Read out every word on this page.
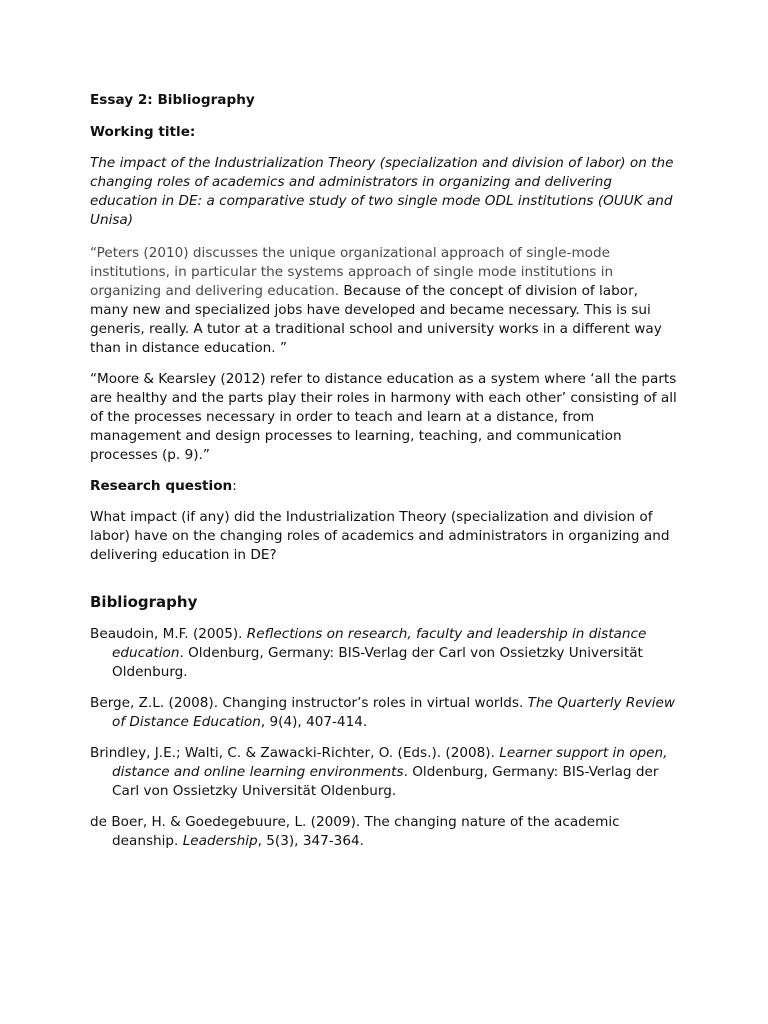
Essay 2: Bibliography
Working title:

The impact of the Industrialization Theory (specialization and division of labor) on the changing roles of academics and administrators in organizing and delivering education in DE: a comparative study of two single mode ODL institutions (OUUK and Unisa)

“Peters (2010) discusses the unique organizational approach of single-mode institutions, in particular the systems approach of single mode institutions in organizing and delivering education. Because of the concept of division of labor, many new and specialized jobs have developed and became necessary. This is sui generis, really. A tutor at a traditional school and university works in a different way than in distance education. ”

“Moore & Kearsley (2012) refer to distance education as a system where ‘all the parts are healthy and the parts play their roles in harmony with each other’ consisting of all of the processes necessary in order to teach and learn at a distance, from management and design processes to learning, teaching, and communication processes (p. 9).”

Research question:

What impact (if any) did the Industrialization Theory (specialization and division of labor) have on the changing roles of academics and administrators in organizing and delivering education in DE?

Bibliography

Beaudoin, M.F. (2005). Reflections on research, faculty and leadership in distance education. Oldenburg, Germany: BIS-Verlag der Carl von Ossietzky Universität Oldenburg.

Berge, Z.L. (2008). Changing instructor’s roles in virtual worlds. The Quarterly Review of Distance Education, 9(4), 407-414.

Brindley, J.E.; Walti, C. & Zawacki-Richter, O. (Eds.). (2008). Learner support in open, distance and online learning environments. Oldenburg, Germany: BIS-Verlag der Carl von Ossietzky Universität Oldenburg.

de Boer, H. & Goedegebuure, L. (2009). The changing nature of the academic deanship. Leadership, 5(3), 347-364.
